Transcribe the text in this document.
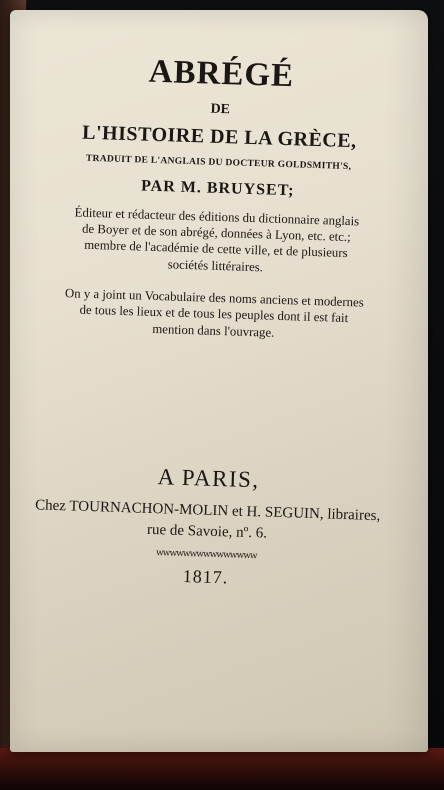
ABRÉGÉ
DE
L'HISTOIRE DE LA GRÈCE,
TRADUIT DE L'ANGLAIS DU DOCTEUR GOLDSMITH'S,
PAR M. BRUYSET;
Éditeur et rédacteur des éditions du dictionnaire anglais
de Boyer et de son abrégé, données à Lyon, etc. etc.;
membre de l'académie de cette ville, et de plusieurs
sociétés littéraires.
On y a joint un Vocabulaire des noms anciens et modernes
de tous les lieux et de tous les peuples dont il est fait
mention dans l'ouvrage.
A PARIS,
Chez TOURNACHON-MOLIN et H. SEGUIN, libraires,
rue de Savoie, nº. 6.
wwwwwwwwwwwwwww
1817.
